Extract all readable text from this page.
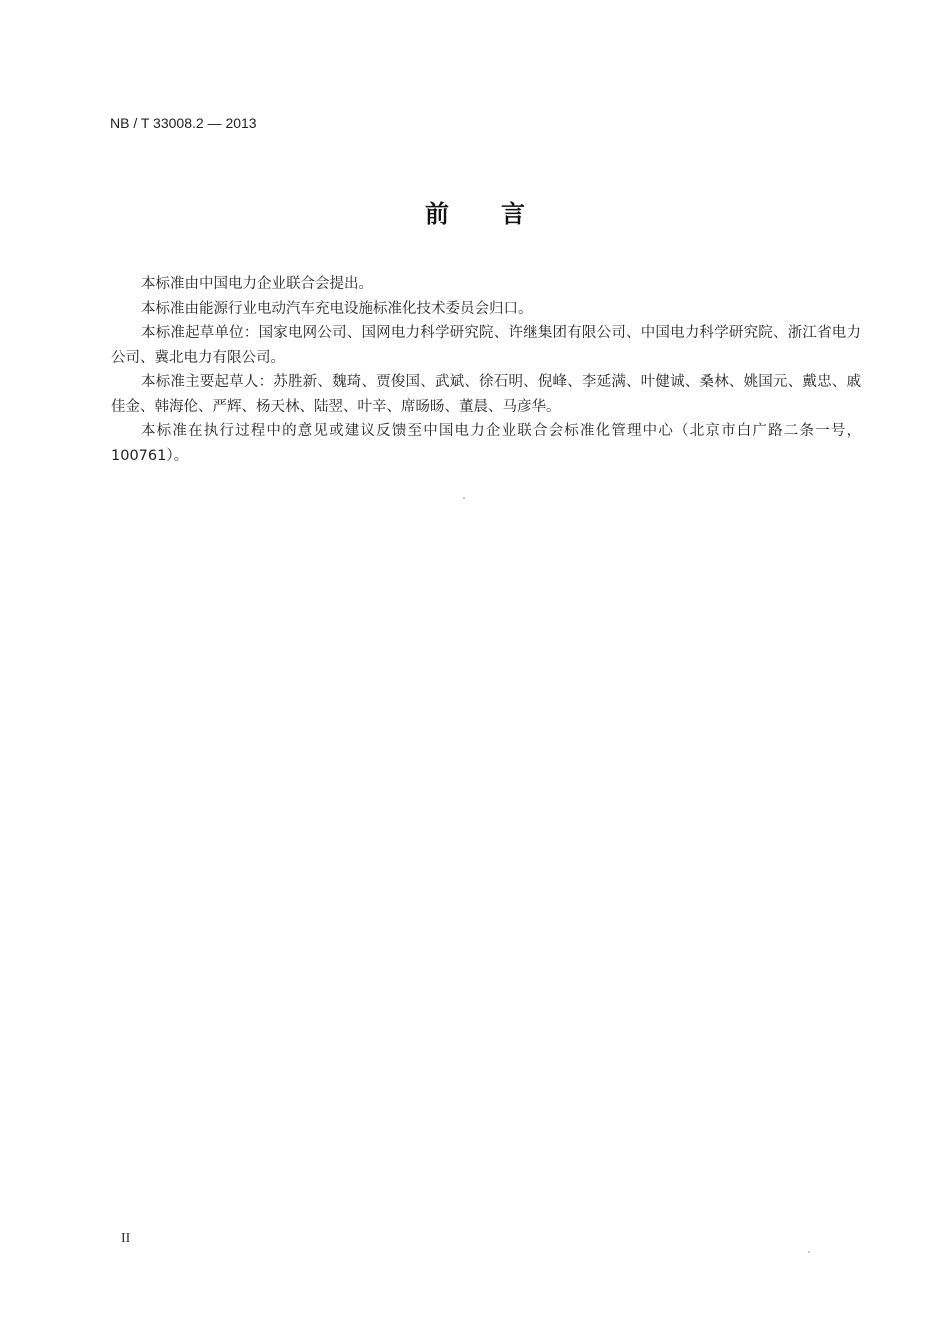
NB / T 33008.2 — 2013
前 言

本标准由中国电力企业联合会提出。

本标准由能源行业电动汽车充电设施标准化技术委员会归口。

本标准起草单位：国家电网公司、国网电力科学研究院、许继集团有限公司、中国电力科学研究院、浙江省电力公司、冀北电力有限公司。

本标准主要起草人：苏胜新、魏琦、贾俊国、武斌、徐石明、倪峰、李延满、叶健诚、桑林、姚国元、戴忠、戚佳金、韩海伦、严辉、杨天林、陆翌、叶辛、席旸旸、董晨、马彦华。

本标准在执行过程中的意见或建议反馈至中国电力企业联合会标准化管理中心（北京市白广路二条一号，100761）。

II
